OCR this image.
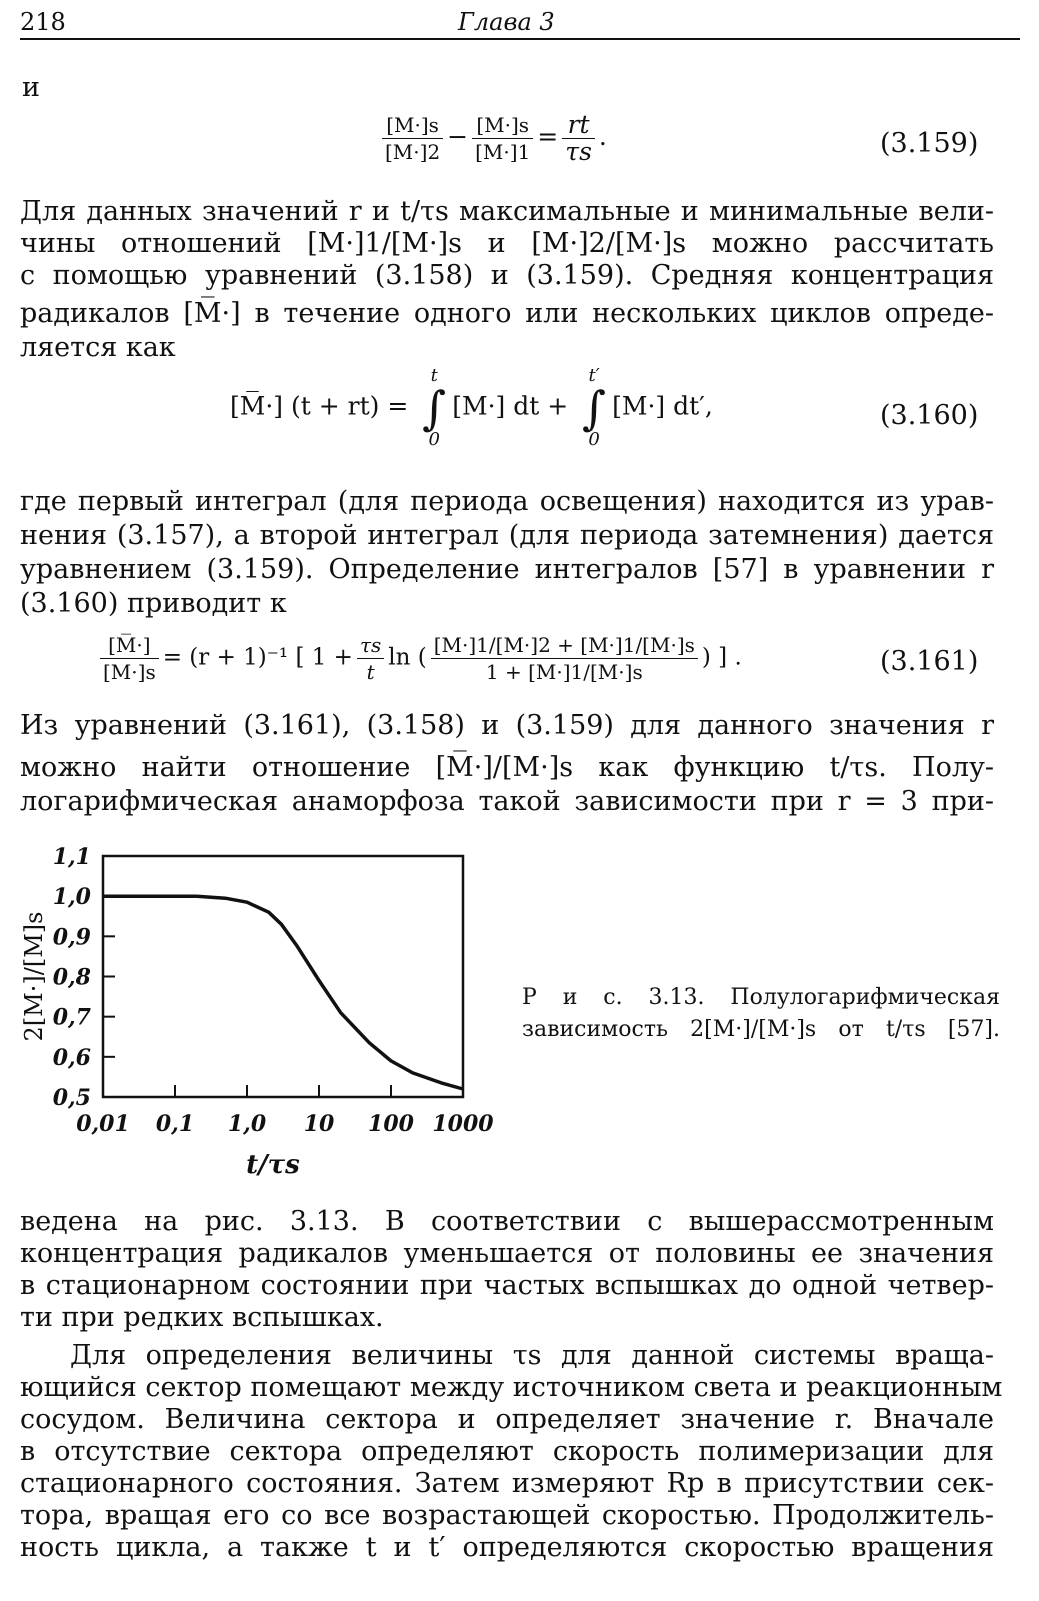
218	Глава 3
и
$\frac{[M\cdot]s}{[M\cdot]2} - \frac{[M\cdot]s}{[M\cdot]1} = \frac{rt}{\tau s}$ .	(3.159)
Для данных значений r и t/τs максимальные и минимальные вели-
чины отношений [M·]1/[M·]s и [M·]2/[M·]s можно рассчитать
с помощью уравнений (3.158) и (3.159). Средняя концентрация
радикалов [M̅·] в течение одного или нескольких циклов опреде-
ляется как
[M̅·] (t + rt) =
t
∫
0
[M·] dt +
t′
∫
0
[M·] dt′,	(3.160)
где первый интеграл (для периода освещения) находится из урав-
нения (3.157), а второй интеграл (для периода затемнения) дается
уравнением (3.159). Определение интегралов [57] в уравнении r
(3.160) приводит к
$\frac{[M̅\cdot]}{[M\cdot]s} = (r + 1)^{-1}$ [ $1 + \frac{\tau s}{t}$ ln ( $\frac{[M\cdot]1/[M\cdot]2 + [M\cdot]1/[M\cdot]s}{1 + [M\cdot]1/[M\cdot]s}$ ) ] .	(3.161)
Из уравнений (3.161), (3.158) и (3.159) для данного значения r
можно найти отношение [M̅·]/[M·]s как функцию t/τs. Полу-
логарифмическая анаморфоза такой зависимости при r = 3 при-
0,5
0,6
0,7
0,8
0,9
1,0
1,1
0,01 0,1 1,0 10 100 1000
t/τs
2[M·]/[M]s	Р и с. 3.13. Полулогарифмическая
зависимость 2[M·]/[M·]s от t/τs [57].
ведена на рис. 3.13. В соответствии с вышерассмотренным
концентрация радикалов уменьшается от половины ее значения
в стационарном состоянии при частых вспышках до одной четвер-
ти при редких вспышках.
Для определения величины τs для данной системы враща-
ющийся сектор помещают между источником света и реакционным
сосудом. Величина сектора и определяет значение r. Вначале
в отсутствие сектора определяют скорость полимеризации для
стационарного состояния. Затем измеряют Rp в присутствии сек-
тора, вращая его со все возрастающей скоростью. Продолжитель-
ность цикла, а также t и t′ определяются скоростью вращения
